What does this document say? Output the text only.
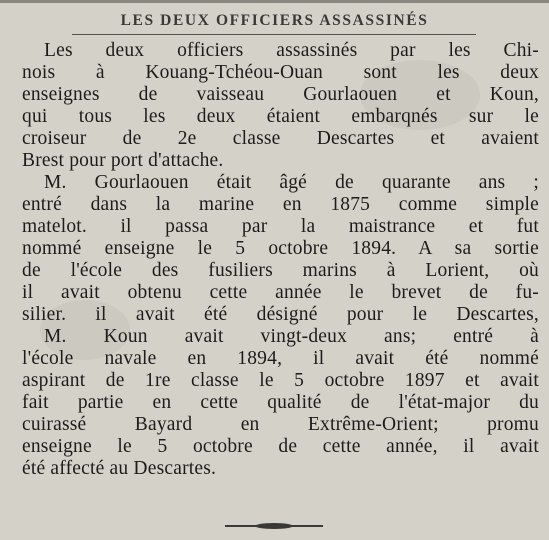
LES DEUX OFFICIERS ASSASSINÉS
Les deux officiers assassinés par les Chi-
nois à Kouang-Tchéou-Ouan sont les deux
enseignes de vaisseau Gourlaouen et Koun,
qui tous les deux étaient embarqnés sur le
croiseur de 2e classe Descartes et avaient
Brest pour port d'attache.
M. Gourlaouen était âgé de quarante ans ;
entré dans la marine en 1875 comme simple
matelot. il passa par la maistrance et fut
nommé enseigne le 5 octobre 1894. A sa sortie
de l'école des fusiliers marins à Lorient, où
il avait obtenu cette année le brevet de fu-
silier. il avait été désigné pour le Descartes,
M. Koun avait vingt-deux ans; entré à
l'école navale en 1894, il avait été nommé
aspirant de 1re classe le 5 octobre 1897 et avait
fait partie en cette qualité de l'état-major du
cuirassé Bayard en Extrême-Orient; promu
enseigne le 5 octobre de cette année, il avait
été affecté au Descartes.
